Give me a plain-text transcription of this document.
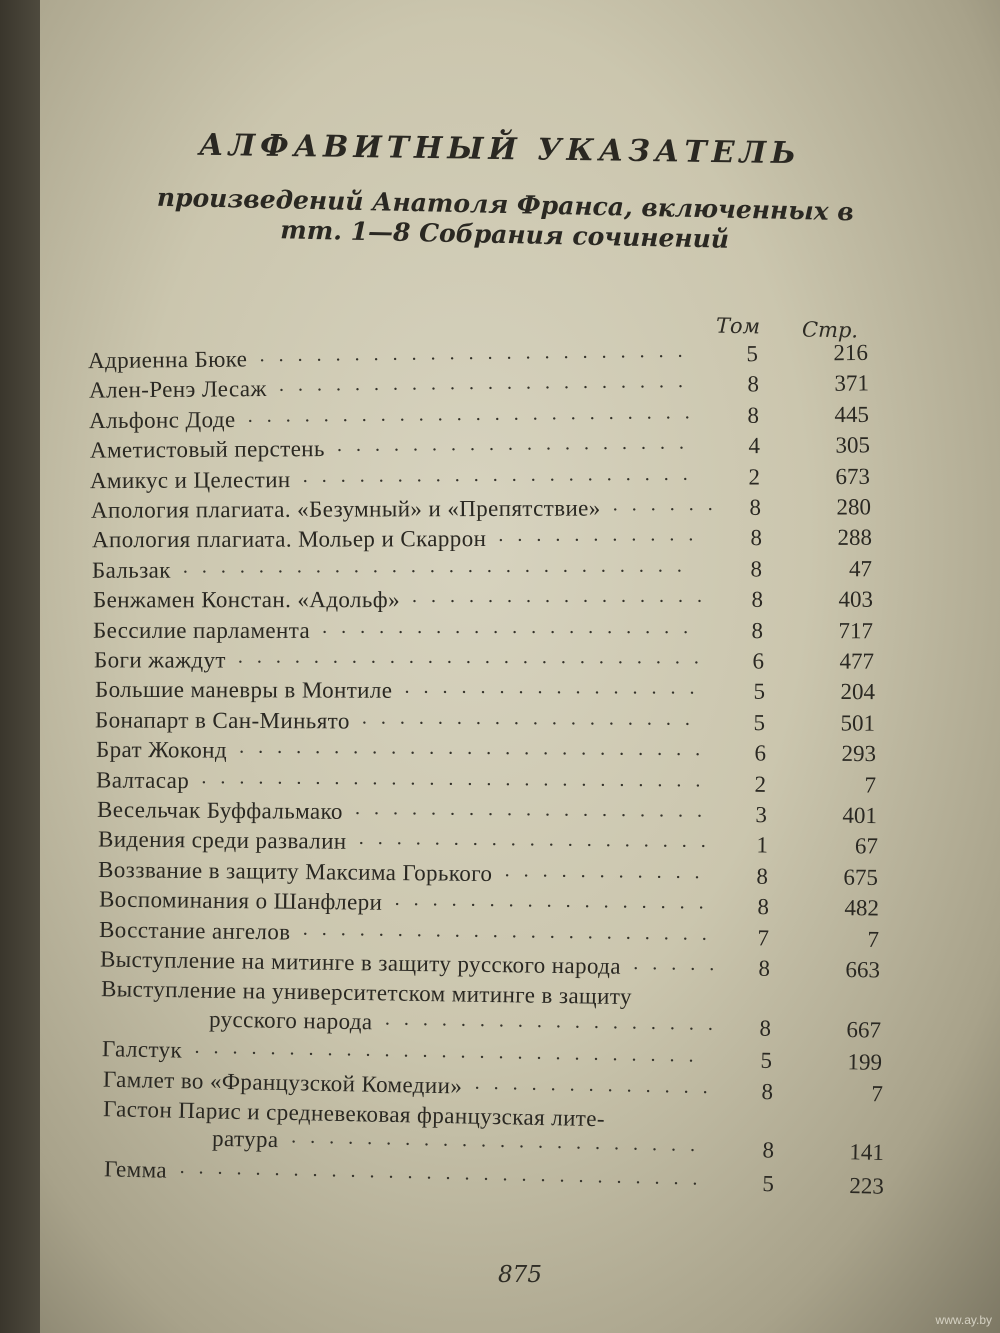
АЛФАВИТНЫЙ УКАЗАТЕЛЬ
произведений Анатоля Франса, включенных в
тт. 1—8 Собрания сочинений
Том Стр.
Адриенна Бюке .......................	5	216
Ален-Ренэ Лесаж ......................	8	371
Альфонс Доде ........................	8	445
Аметистовый перстень ...................	4	305
Амикус и Целестин .....................	2	673
Апология плагиата. «Безумный» и «Препятствие» ...... 8	280
Апология плагиата. Мольер и Скаррон ...........	8	288
Бальзак ...........................	8	47
Бенжамен Констан. «Адольф» ................	8	403
Бессилие парламента ....................	8	717
Боги жаждут .........................	6	477
Большие маневры в Монтиле ................	5	204
Бонапарт в Сан-Миньято ..................	5	501
Брат Жоконд .........................	6	293
Валтасар ...........................	2	7
Весельчак Буффальмако ...................	3	401
Видения среди развалин ...................	1	67
Воззвание в защиту Максима Горького ...........	8	675
Воспоминания о Шанфлери .................	8	482
Восстание ангелов ......................	7	7
Выступление на митинге в защиту русского народа .....	8	663
Выступление на университетском митинге в защиту
русского народа ..................	8	667
Галстук ...........................	5	199
Гамлет во «Французской Комедии» .............	8	7
Гастон Парис и средневековая французская лите-
ратура ......................	8	141
Гемма ............................	5	223
875
www.ay.by
